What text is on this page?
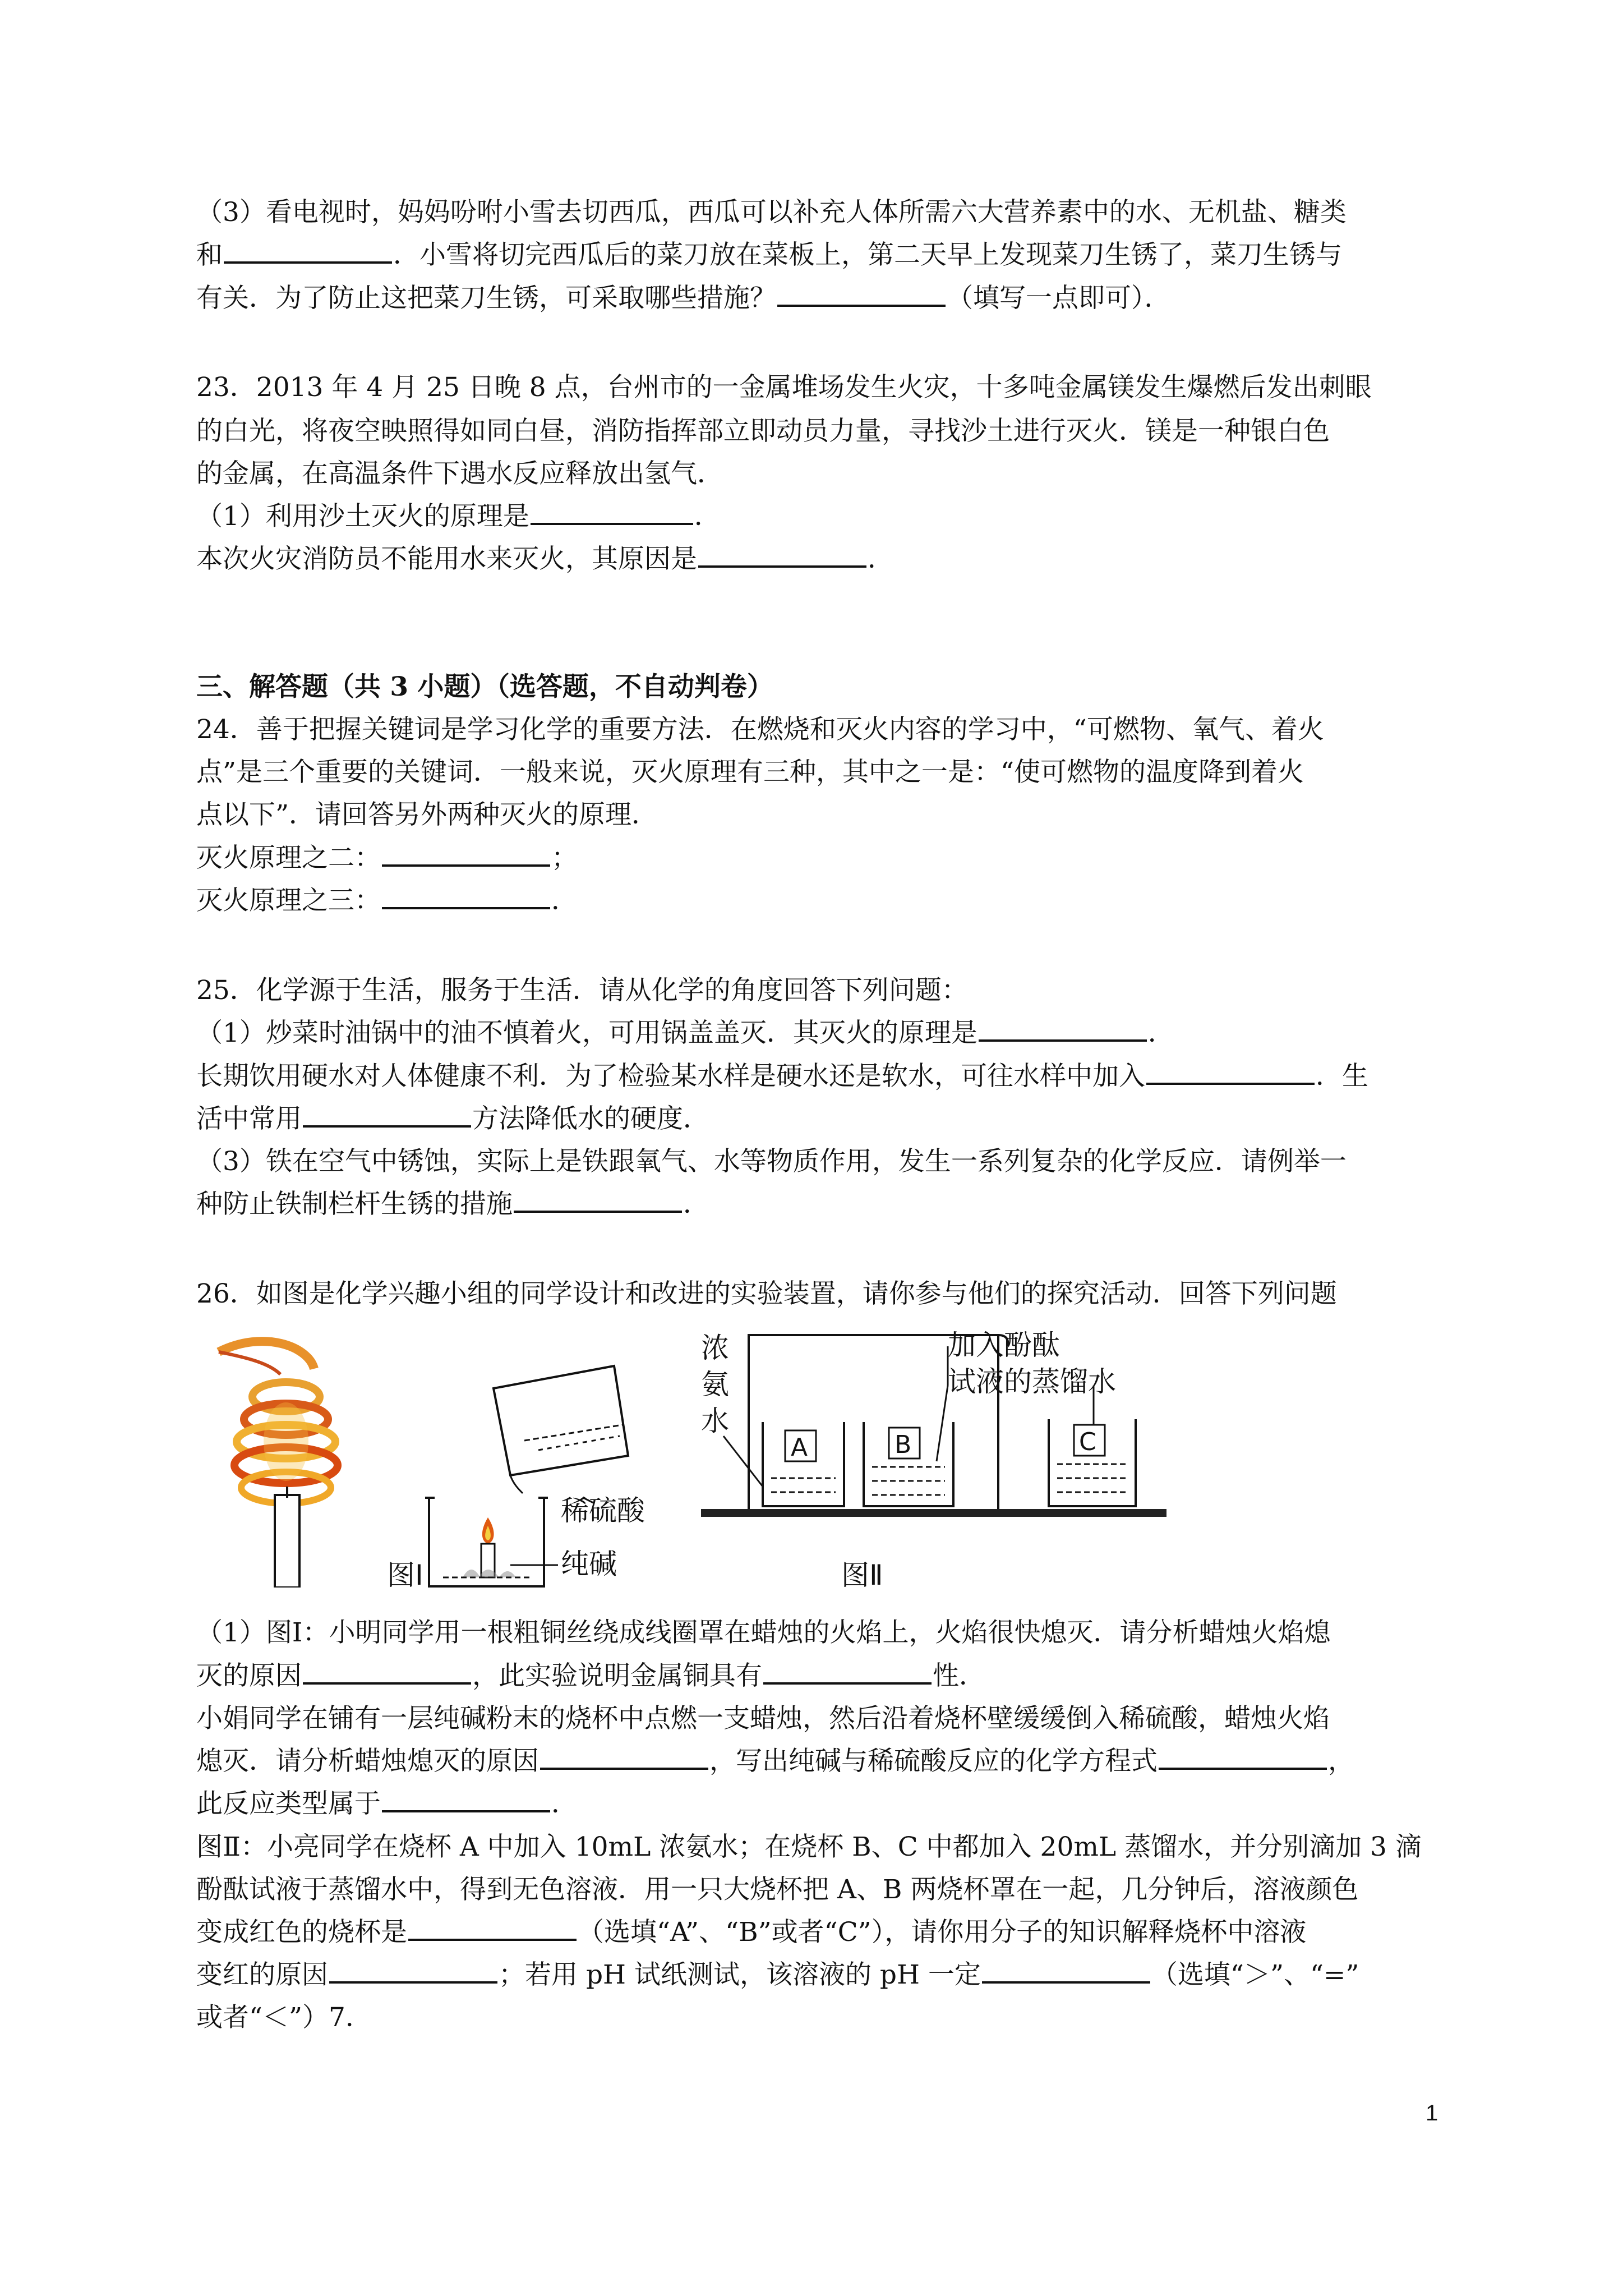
（3）看电视时，妈妈吩咐小雪去切西瓜，西瓜可以补充人体所需六大营养素中的水、无机盐、糖类
和	．小雪将切完西瓜后的菜刀放在菜板上，第二天早上发现菜刀生锈了，菜刀生锈与
有关．为了防止这把菜刀生锈，可采取哪些措施？	（填写一点即可）．
23．2013 年 4 月 25 日晚 8 点，台州市的一金属堆场发生火灾，十多吨金属镁发生爆燃后发出刺眼
的白光，将夜空映照得如同白昼，消防指挥部立即动员力量，寻找沙土进行灭火．镁是一种银白色
的金属，在高温条件下遇水反应释放出氢气．
（1）利用沙土灭火的原理是	．
本次火灾消防员不能用水来灭火，其原因是	．
三、解答题（共 3 小题）（选答题，不自动判卷）
24．善于把握关键词是学习化学的重要方法．在燃烧和灭火内容的学习中，“可燃物、氧气、着火
点”是三个重要的关键词．一般来说，灭火原理有三种，其中之一是：“使可燃物的温度降到着火
点以下”．请回答另外两种灭火的原理．
灭火原理之二：	；
灭火原理之三：	．
25．化学源于生活，服务于生活．请从化学的角度回答下列问题：
（1）炒菜时油锅中的油不慎着火，可用锅盖盖灭．其灭火的原理是	．
长期饮用硬水对人体健康不利．为了检验某水样是硬水还是软水，可往水样中加入	．生
活中常用	方法降低水的硬度．
（3）铁在空气中锈蚀，实际上是铁跟氧气、水等物质作用，发生一系列复杂的化学反应．请例举一
种防止铁制栏杆生锈的措施	．
26．如图是化学兴趣小组的同学设计和改进的实验装置，请你参与他们的探究活动．回答下列问题
稀硫酸
纯碱
图Ⅰ
浓
氨
水
A	B	C
加入酚酞
试液的蒸馏水
图Ⅱ
（1）图Ⅰ：小明同学用一根粗铜丝绕成线圈罩在蜡烛的火焰上，火焰很快熄灭．请分析蜡烛火焰熄
灭的原因	，此实验说明金属铜具有	性．
小娟同学在铺有一层纯碱粉末的烧杯中点燃一支蜡烛，然后沿着烧杯壁缓缓倒入稀硫酸，蜡烛火焰
熄灭．请分析蜡烛熄灭的原因	，写出纯碱与稀硫酸反应的化学方程式	，
此反应类型属于	．
图Ⅱ：小亮同学在烧杯 A 中加入 10mL 浓氨水；在烧杯 B、C 中都加入 20mL 蒸馏水，并分别滴加 3 滴
酚酞试液于蒸馏水中，得到无色溶液．用一只大烧杯把 A、B 两烧杯罩在一起，几分钟后，溶液颜色
变成红色的烧杯是	（选填“A”、“B”或者“C”），请你用分子的知识解释烧杯中溶液
变红的原因	；若用 pH 试纸测试，该溶液的 pH 一定	（选填“＞”、“=”
或者“＜”）7．
1
